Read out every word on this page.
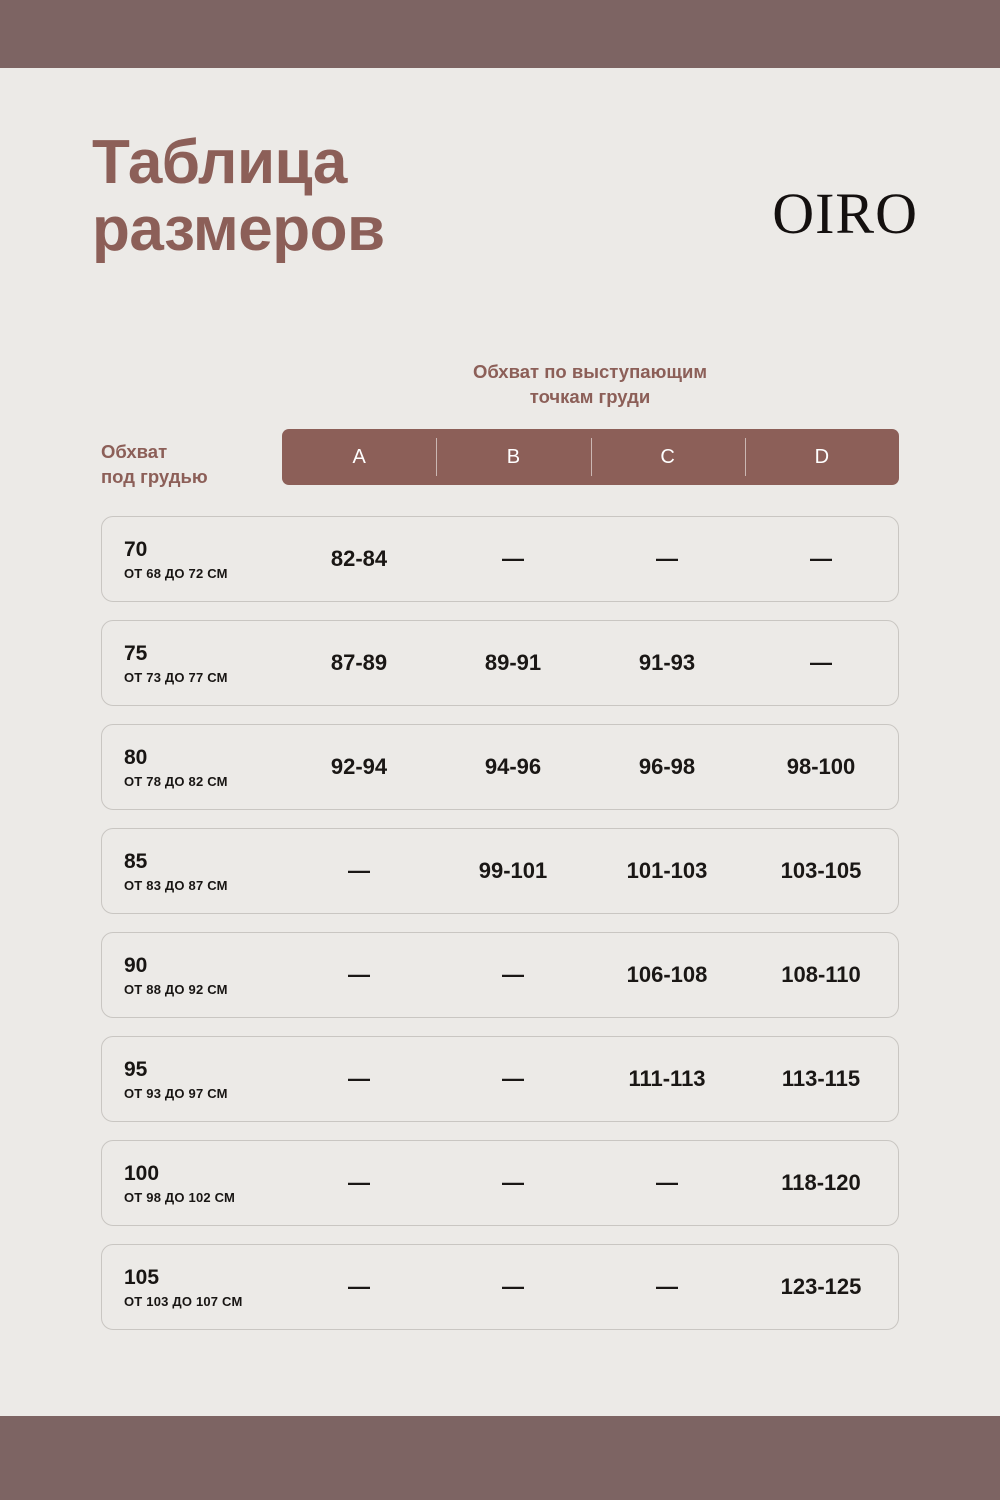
Таблица
размеров	OIRO
Обхват по выступающим
точкам груди
Обхват
под грудью
A	B	C	D
70
ОТ 68 ДО 72 СМ
82-84	—	—	—
75
ОТ 73 ДО 77 СМ
87-89	89-91	91-93	—
80
ОТ 78 ДО 82 СМ
92-94	94-96	96-98	98-100
85
ОТ 83 ДО 87 СМ
—	99-101	101-103	103-105
90
ОТ 88 ДО 92 СМ
—	—	106-108	108-110
95
ОТ 93 ДО 97 СМ
—	—	111-113	113-115
100
ОТ 98 ДО 102 СМ
—	—	—	118-120
105
ОТ 103 ДО 107 СМ
—	—	—	123-125
